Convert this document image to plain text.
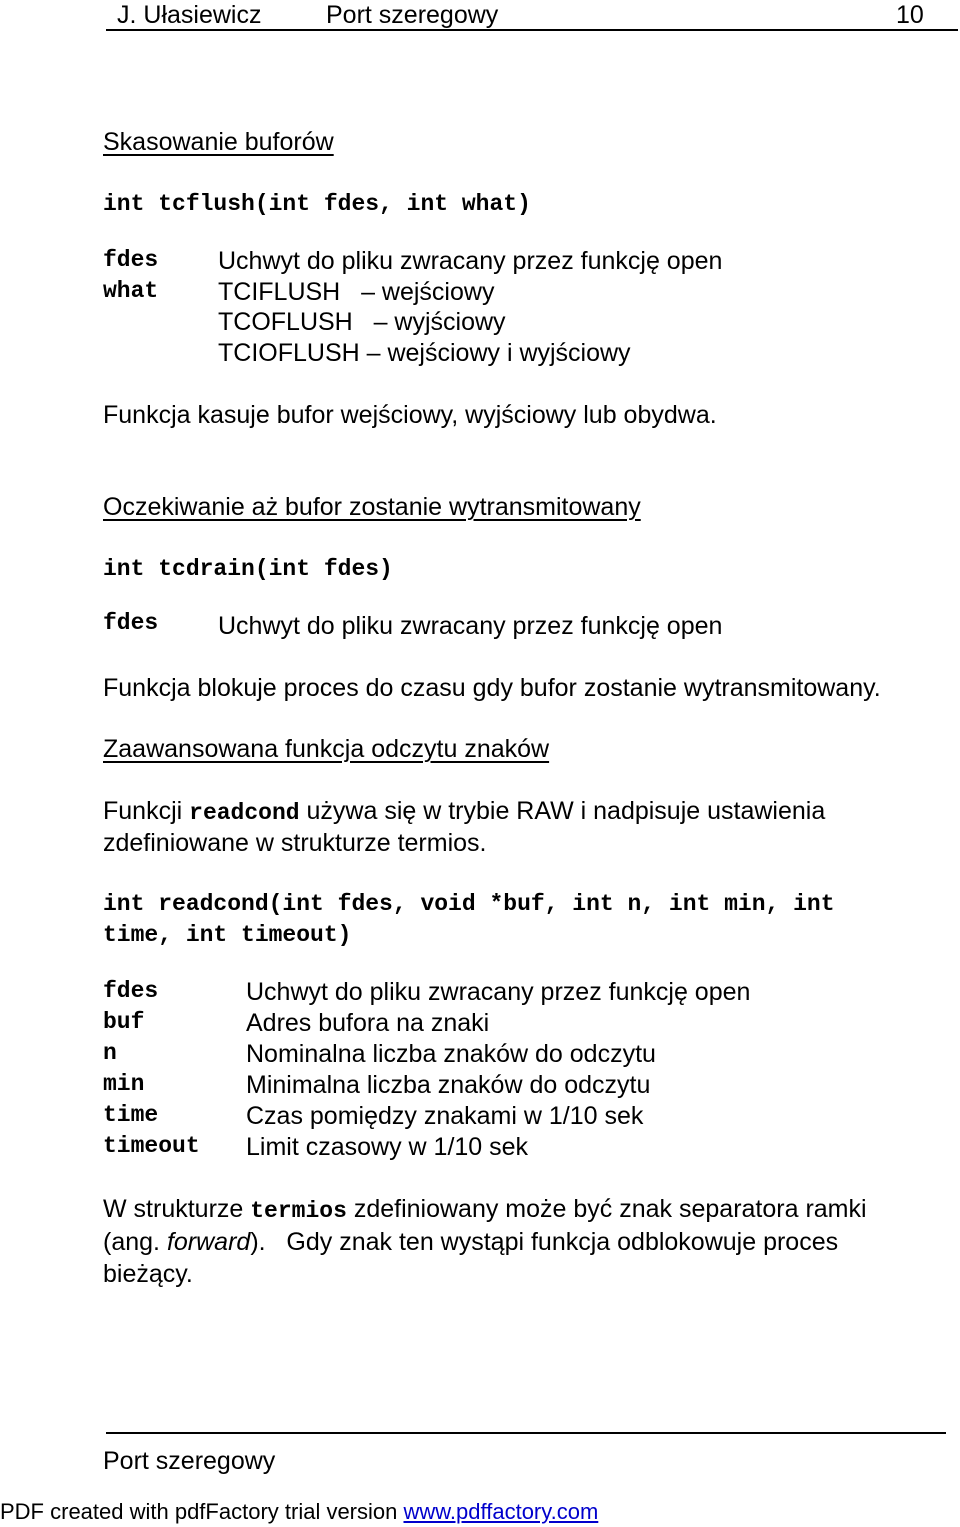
J. Ułasiewicz	Port szeregowy	10
Skasowanie buforów
int tcflush(int fdes, int what)
fdes Uchwyt do pliku zwracany przez funkcję open
what TCIFLUSH   – wejściowy
TCOFLUSH   – wyjściowy
TCIOFLUSH – wejściowy i wyjściowy
Funkcja kasuje bufor wejściowy, wyjściowy lub obydwa.
Oczekiwanie aż bufor zostanie wytransmitowany
int tcdrain(int fdes)
fdes Uchwyt do pliku zwracany przez funkcję open
Funkcja blokuje proces do czasu gdy bufor zostanie wytransmitowany.
Zaawansowana funkcja odczytu znaków
Funkcji readcond używa się w trybie RAW i nadpisuje ustawienia
zdefiniowane w strukturze termios.
int readcond(int fdes, void *buf, int n, int min, int
time, int timeout)
fdes	Uchwyt do pliku zwracany przez funkcję open
buf	Adres bufora na znaki
n	Nominalna liczba znaków do odczytu
min	Minimalna liczba znaków do odczytu
time	Czas pomiędzy znakami w 1/10 sek
timeout Limit czasowy w 1/10 sek
W strukturze termios zdefiniowany może być znak separatora ramki
(ang. forward).   Gdy znak ten wystąpi funkcja odblokowuje proces
bieżący.
Port szeregowy
PDF created with pdfFactory trial version www.pdffactory.com
